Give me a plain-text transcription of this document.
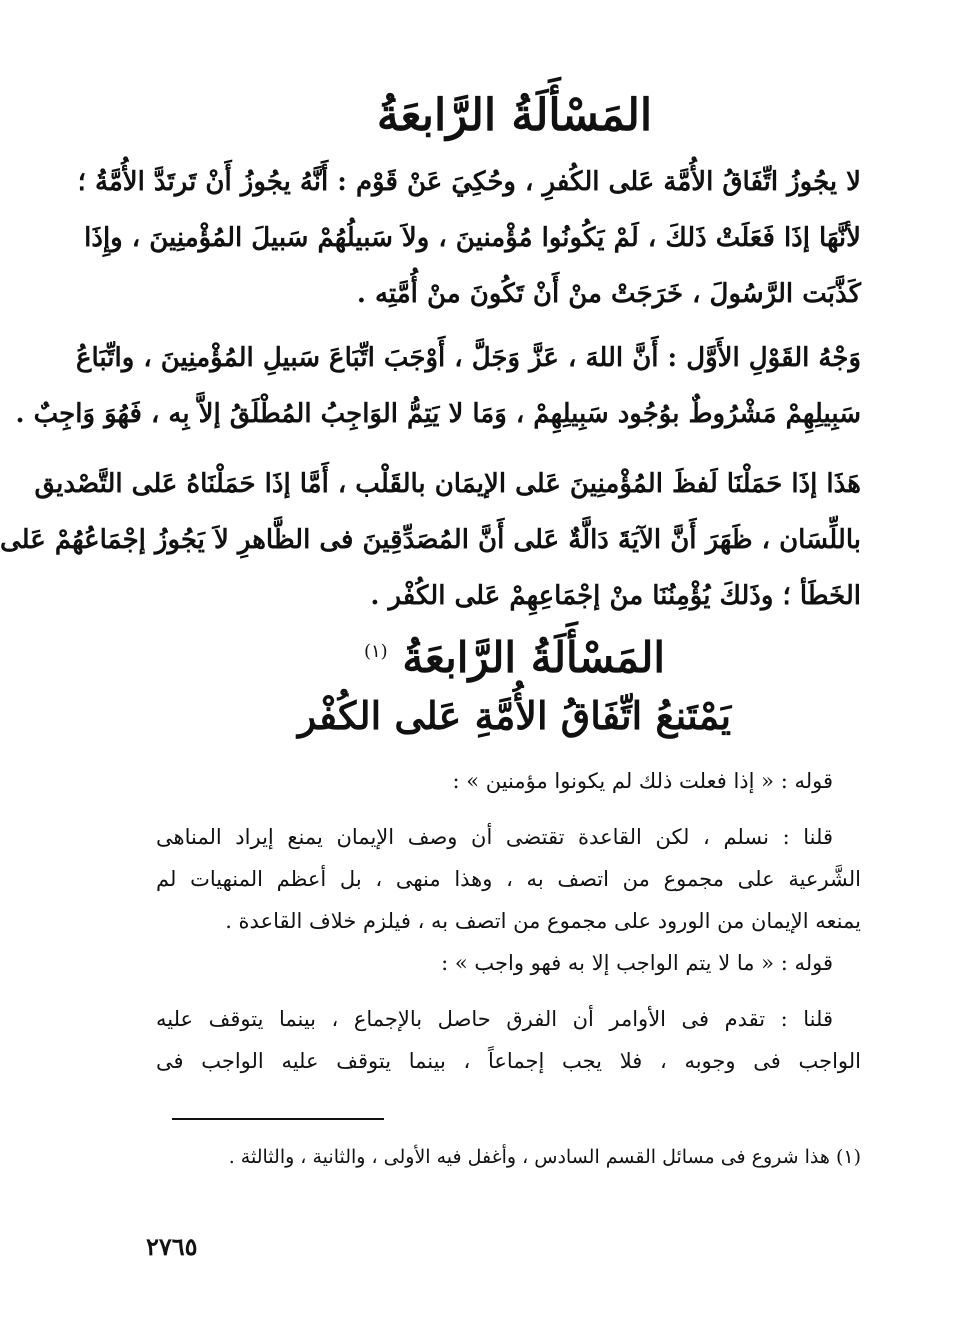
المَسْأَلَةُ الرَّابعَةُ
لا يجُوزُ اتِّفَاقُ الأُمَّة عَلى الكُفرِ ، وحُكِيَ عَنْ قَوْم : أَنَّهُ يجُوزُ أَنْ تَرتَدَّ الأُمَّةُ ؛
لأنَّهَا إذَا فَعَلَتْ ذَلكَ ، لَمْ يَكُونُوا مُؤْمنينَ ، ولاَ سَبيلُهُمْ سَبيلَ المُؤْمنِينَ ، وإِذَا
كَذَّبَت الرَّسُولَ ، خَرَجَتْ منْ أَنْ تَكُونَ منْ أُمَّتِه .
وَجْهُ القَوْلِ الأَوَّل : أَنَّ اللهَ ، عَزَّ وَجَلَّ ، أَوْجَبَ اتِّبَاعَ سَبيلِ المُؤْمنِينَ ، واتِّبَاعُ
سَبِيلِهِمْ مَشْرُوطٌ بوُجُود سَبِيلِهِمْ ، وَمَا لا يَتِمُّ الوَاجِبُ المُطْلَقُ إلاَّ بِه ، فَهُوَ وَاجِبٌ .
هَذَا إذَا حَمَلْنَا لَفظَ المُؤْمنِينَ عَلى الإيمَان بالقَلْب ، أَمَّا إذَا حَمَلْنَاهُ عَلى التَّصْديق
باللِّسَان ، ظَهَرَ أَنَّ الآيَةَ دَالَّةٌ عَلى أَنَّ المُصَدِّقِينَ فى الظَّاهرِ لاَ يَجُوزُ إجْمَاعُهُمْ عَلى
الخَطَأ ؛ وذَلكَ يُؤْمِنُنَا منْ إجْمَاعِهِمْ عَلى الكُفْر .
المَسْأَلَةُ الرَّابعَةُ $^{(١)}$
يَمْتَنعُ اتِّفَاقُ الأُمَّةِ عَلى الكُفْر
قوله : « إذا فعلت ذلك لم يكونوا مؤمنين » :
قلنا : نسلم ، لكن القاعدة تقتضى أن وصف الإيمان يمنع إيراد المناهى
الشَّرعية على مجموع من اتصف به ، وهذا منهى ، بل أعظم المنهيات لم
يمنعه الإيمان من الورود على مجموع من اتصف به ، فيلزم خلاف القاعدة .
قوله : « ما لا يتم الواجب إلا به فهو واجب » :
قلنا : تقدم فى الأوامر أن الفرق حاصل بالإجماع ، بينما يتوقف عليه
الواجب فى وجوبه ، فلا يجب إجماعاً ، بينما يتوقف عليه الواجب فى

(١) هذا شروع فى مسائل القسم السادس ، وأغفل فيه الأولى ، والثانية ، والثالثة .

٢٧٦٥
